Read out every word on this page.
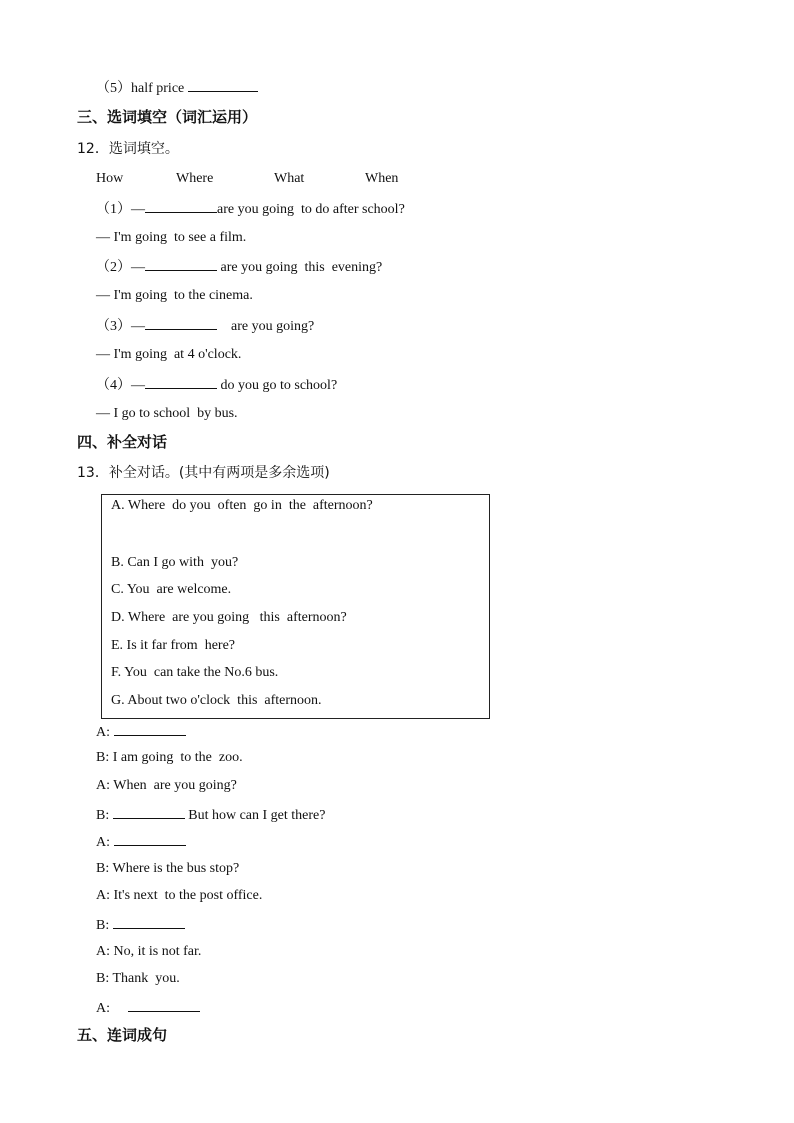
（5）half price
三、选词填空（词汇运用）
12．选词填空。
How	Where	What	When
（1）—	are you going  to do after school?
— I'm going  to see a film.
（2）—	are you going  this  evening?
— I'm going  to the cinema.
（3）—	are you going?
— I'm going  at 4 o'clock.
（4）—	do you go to school?
— I go to school  by bus.
四、补全对话
13．补全对话。(其中有两项是多余选项)
A. Where  do you  often  go in  the  afternoon?
B. Can I go with  you?
C. You  are welcome.
D. Where  are you going   this  afternoon?
E. Is it far from  here?
F. You  can take the No.6 bus.
G. About two o'clock  this  afternoon.
A:
B: I am going  to the  zoo.
A: When  are you going?
B:	But how can I get there?
A:
B: Where is the bus stop?
A: It's next  to the post office.
B:
A: No, it is not far.
B: Thank  you.
A:
五、连词成句
